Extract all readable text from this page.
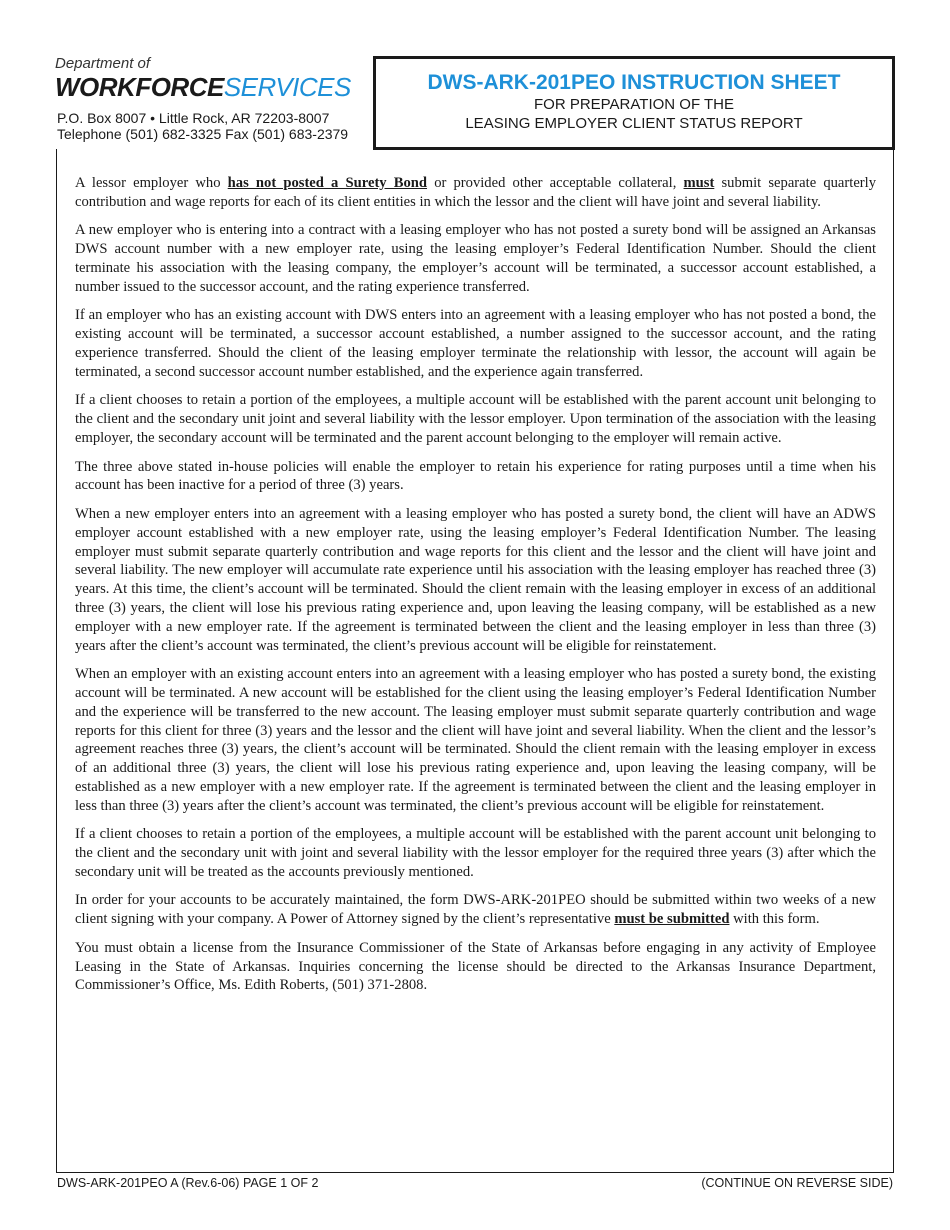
Department of
WORKFORCESERVICES
P.O. Box 8007 • Little Rock, AR 72203-8007
Telephone (501) 682-3325 Fax (501) 683-2379
DWS-ARK-201PEO INSTRUCTION SHEET
FOR PREPARATION OF THE
LEASING EMPLOYER CLIENT STATUS REPORT

A lessor employer who has not posted a Surety Bond or provided other acceptable collateral, must submit separate quarterly contribution and wage reports for each of its client entities in which the lessor and the client will have joint and several liability.

A new employer who is entering into a contract with a leasing employer who has not posted a surety bond will be assigned an Arkansas DWS account number with a new employer rate, using the leasing employer’s Federal Identification Number. Should the client terminate his association with the leasing company, the employer’s account will be terminated, a successor account established, a number issued to the successor account, and the rating experience transferred.

If an employer who has an existing account with DWS enters into an agreement with a leasing employer who has not posted a bond, the existing account will be terminated, a successor account established, a number assigned to the successor account, and the rating experience transferred. Should the client of the leasing employer terminate the relationship with lessor, the account will again be terminated, a second successor account number established, and the experience again transferred.

If a client chooses to retain a portion of the employees, a multiple account will be established with the parent account unit belonging to the client and the secondary unit joint and several liability with the lessor employer. Upon termination of the association with the leasing employer, the secondary account will be terminated and the parent account belonging to the employer will remain active.

The three above stated in-house policies will enable the employer to retain his experience for rating purposes until a time when his account has been inactive for a period of three (3) years.

When a new employer enters into an agreement with a leasing employer who has posted a surety bond, the client will have an ADWS employer account established with a new employer rate, using the leasing employer’s Federal Identification Number. The leasing employer must submit separate quarterly contribution and wage reports for this client and the lessor and the client will have joint and several liability. The new employer will accumulate rate experience until his association with the leasing employer has reached three (3) years. At this time, the client’s account will be terminated. Should the client remain with the leasing employer in excess of an additional three (3) years, the client will lose his previous rating experience and, upon leaving the leasing company, will be established as a new employer with a new employer rate. If the agreement is terminated between the client and the leasing employer in less than three (3) years after the client’s account was terminated, the client’s previous account will be eligible for reinstatement.

When an employer with an existing account enters into an agreement with a leasing employer who has posted a surety bond, the existing account will be terminated. A new account will be established for the client using the leasing employer’s Federal Identification Number and the experience will be transferred to the new account. The leasing employer must submit separate quarterly contribution and wage reports for this client for three (3) years and the lessor and the client will have joint and several liability. When the client and the lessor’s agreement reaches three (3) years, the client’s account will be terminated. Should the client remain with the leasing employer in excess of an additional three (3) years, the client will lose his previous rating experience and, upon leaving the leasing company, will be established as a new employer with a new employer rate. If the agreement is terminated between the client and the leasing employer in less than three (3) years after the client’s account was terminated, the client’s previous account will be eligible for reinstatement.

If a client chooses to retain a portion of the employees, a multiple account will be established with the parent account unit belonging to the client and the secondary unit with joint and several liability with the lessor employer for the required three years (3) after which the secondary unit will be treated as the accounts previously mentioned.

In order for your accounts to be accurately maintained, the form DWS-ARK-201PEO should be submitted within two weeks of a new client signing with your company. A Power of Attorney signed by the client’s representative must be submitted with this form.

You must obtain a license from the Insurance Commissioner of the State of Arkansas before engaging in any activity of Employee Leasing in the State of Arkansas. Inquiries concerning the license should be directed to the Arkansas Insurance Department, Commissioner’s Office, Ms. Edith Roberts, (501) 371-2808.

DWS-ARK-201PEO A (Rev.6-06) PAGE 1 OF 2	(CONTINUE ON REVERSE SIDE)
